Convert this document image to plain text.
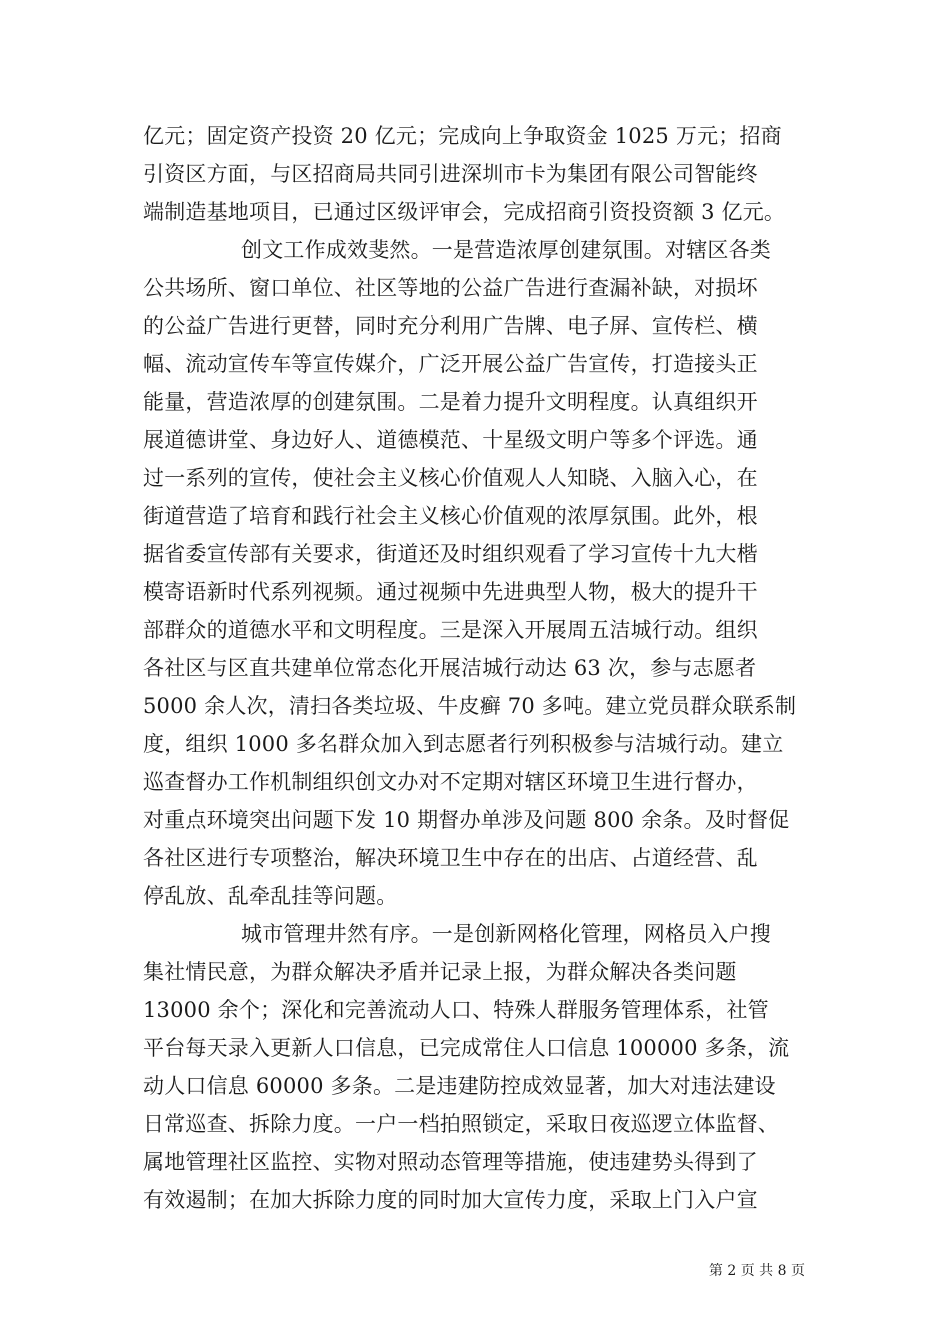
亿元；固定资产投资 20 亿元；完成向上争取资金 1025 万元；招商
引资区方面，与区招商局共同引进深圳市卡为集团有限公司智能终
端制造基地项目，已通过区级评审会，完成招商引资投资额 3 亿元。
创文工作成效斐然。一是营造浓厚创建氛围。对辖区各类
公共场所、窗口单位、社区等地的公益广告进行查漏补缺，对损坏
的公益广告进行更替，同时充分利用广告牌、电子屏、宣传栏、横
幅、流动宣传车等宣传媒介，广泛开展公益广告宣传，打造接头正
能量，营造浓厚的创建氛围。二是着力提升文明程度。认真组织开
展道德讲堂、身边好人、道德模范、十星级文明户等多个评选。通
过一系列的宣传，使社会主义核心价值观人人知晓、入脑入心，在
街道营造了培育和践行社会主义核心价值观的浓厚氛围。此外，根
据省委宣传部有关要求，街道还及时组织观看了学习宣传十九大楷
模寄语新时代系列视频。通过视频中先进典型人物，极大的提升干
部群众的道德水平和文明程度。三是深入开展周五洁城行动。组织
各社区与区直共建单位常态化开展洁城行动达 63 次，参与志愿者
5000 余人次，清扫各类垃圾、牛皮癣 70 多吨。建立党员群众联系制
度，组织 1000 多名群众加入到志愿者行列积极参与洁城行动。建立
巡查督办工作机制组织创文办对不定期对辖区环境卫生进行督办，
对重点环境突出问题下发 10 期督办单涉及问题 800 余条。及时督促
各社区进行专项整治，解决环境卫生中存在的出店、占道经营、乱
停乱放、乱牵乱挂等问题。
城市管理井然有序。一是创新网格化管理，网格员入户搜
集社情民意，为群众解决矛盾并记录上报，为群众解决各类问题
13000 余个；深化和完善流动人口、特殊人群服务管理体系，社管
平台每天录入更新人口信息，已完成常住人口信息 100000 多条，流
动人口信息 60000 多条。二是违建防控成效显著，加大对违法建设
日常巡查、拆除力度。一户一档拍照锁定，采取日夜巡逻立体监督、
属地管理社区监控、实物对照动态管理等措施，使违建势头得到了
有效遏制；在加大拆除力度的同时加大宣传力度，采取上门入户宣
第 2 页 共 8 页
